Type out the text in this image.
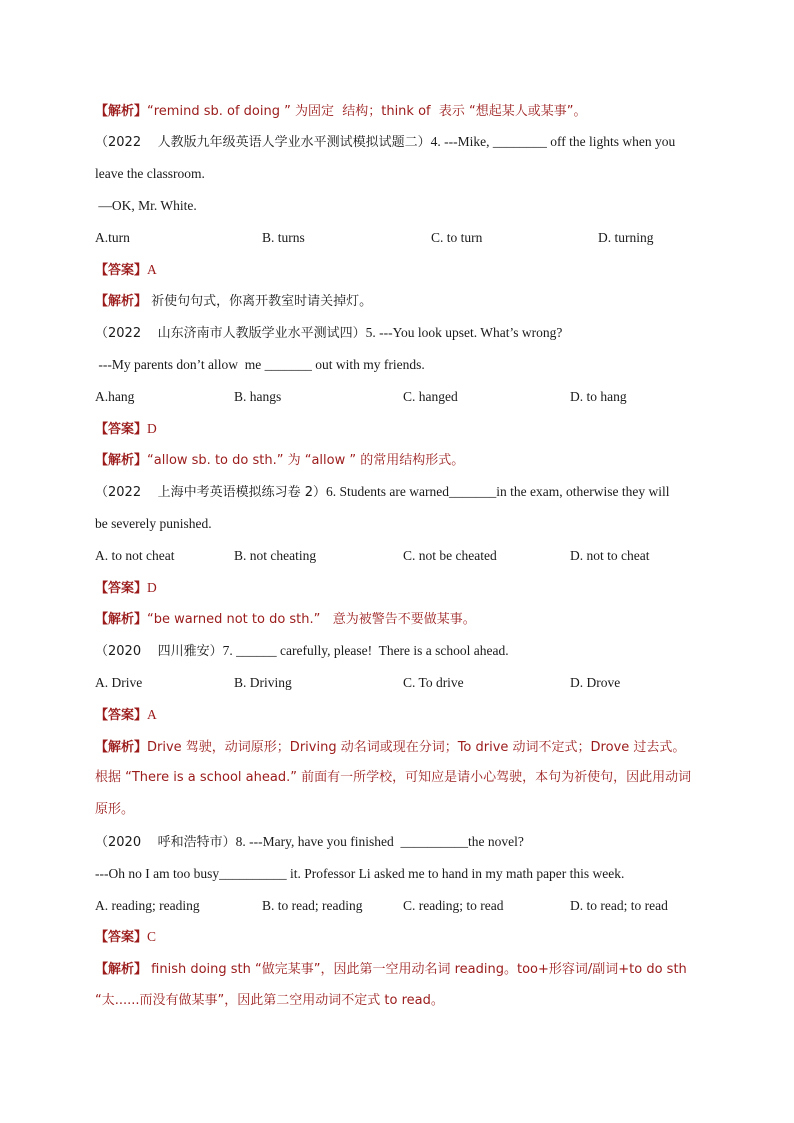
【解析】“remind sb. of doing ” 为固定  结构；think of  表示 “想起某人或某事”。
（2022    人教版九年级英语人学业水平测试模拟试题二）4. ---Mike, ________ off the lights when you
leave the classroom.
—OK, Mr. White.
A.turn	B. turns	C. to turn	D. turning
【答案】A
【解析】 祈使句句式，你离开教室时请关掉灯。
（2022    山东济南市人教版学业水平测试四）5. ---You look upset. What’s wrong?
---My parents don’t allow  me _______ out with my friends.
A.hang	B. hangs	C. hanged	D. to hang
【答案】D
【解析】“allow sb. to do sth.” 为 “allow ” 的常用结构形式。
（2022    上海中考英语模拟练习卷 2）6. Students are warned_______in the exam, otherwise they will
be severely punished.
A. to not cheat	B. not cheating	C. not be cheated	D. not to cheat
【答案】D
【解析】“be warned not to do sth.”   意为被警告不要做某事。
（2020    四川雅安）7. ______ carefully, please!  There is a school ahead.
A. Drive	B. Driving	C. To drive	D. Drove
【答案】A
【解析】Drive 驾驶，动词原形；Driving 动名词或现在分词；To drive 动词不定式；Drove 过去式。
根据 “There is a school ahead.” 前面有一所学校，可知应是请小心驾驶，本句为祈使句，因此用动词
原形。
（2020    呼和浩特市）8. ---Mary, have you finished  __________the novel?
---Oh no I am too busy__________ it. Professor Li asked me to hand in my math paper this week.
A. reading; reading	B. to read; reading	C. reading; to read	D. to read; to read
【答案】C
【解析】 finish doing sth “做完某事”，因此第一空用动名词 reading。too+形容词/副词+to do sth
“太......而没有做某事”，因此第二空用动词不定式 to read。
